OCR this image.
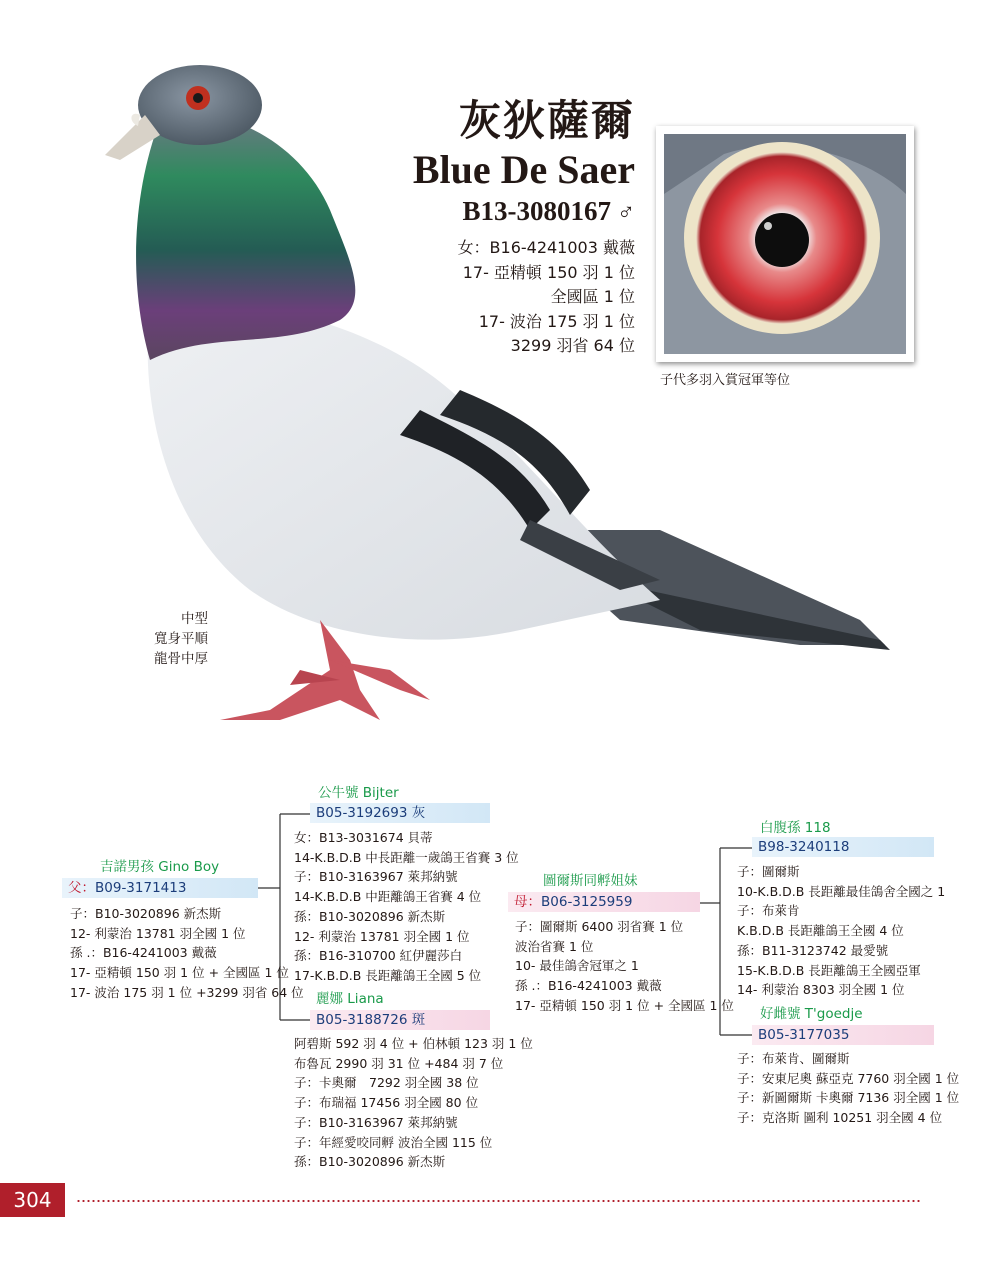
灰狄薩爾
Blue De Saer
B13-3080167 ♂
女：B16-4241003 戴薇
17- 亞精頓 150 羽 1 位
全國區 1 位
17- 波治 175 羽 1 位
3299 羽省 64 位
子代多羽入賞冠軍等位
中型
寬身平順
龍骨中厚
吉諾男孩 Gino Boy
父：B09-3171413
子：B10-3020896 新杰斯
12- 利蒙治 13781 羽全國 1 位
孫 .：B16-4241003 戴薇
17- 亞精頓 150 羽 1 位 + 全國區 1 位
17- 波治 175 羽 1 位 +3299 羽省 64 位
公牛號 Bijter
B05-3192693 灰
女：B13-3031674 貝蒂
14-K.B.D.B 中長距離一歲鴿王省賽 3 位
子：B10-3163967 萊邦納號
14-K.B.D.B 中距離鴿王省賽 4 位
孫：B10-3020896 新杰斯
12- 利蒙治 13781 羽全國 1 位
孫：B16-310700 紅伊麗莎白
17-K.B.D.B 長距離鴿王全國 5 位
麗娜 Liana
B05-3188726 斑
阿碧斯 592 羽 4 位 + 伯林頓 123 羽 1 位
布魯瓦 2990 羽 31 位 +484 羽 7 位
子：卡奧爾　7292 羽全國 38 位
子：布瑞福 17456 羽全國 80 位
子：B10-3163967 萊邦納號
子：年經愛咬同孵 波治全國 115 位
孫：B10-3020896 新杰斯
圖爾斯同孵姐妹
母：B06-3125959
子：圖爾斯 6400 羽省賽 1 位
波治省賽 1 位
10- 最佳鴿舍冠軍之 1
孫 .：B16-4241003 戴薇
17- 亞精頓 150 羽 1 位 + 全國區 1 位
白腹孫 118
B98-3240118
子：圖爾斯
10-K.B.D.B 長距離最佳鴿舍全國之 1
子：布萊肯
K.B.D.B 長距離鴿王全國 4 位
孫：B11-3123742 最愛號
15-K.B.D.B 長距離鴿王全國亞軍
14- 利蒙治 8303 羽全國 1 位
好雌號 T'goedje
B05-3177035
子：布萊肯、圖爾斯
子：安東尼奧 蘇亞克 7760 羽全國 1 位
子：新圖爾斯 卡奧爾 7136 羽全國 1 位
子：克洛斯 圖利 10251 羽全國 4 位
304
